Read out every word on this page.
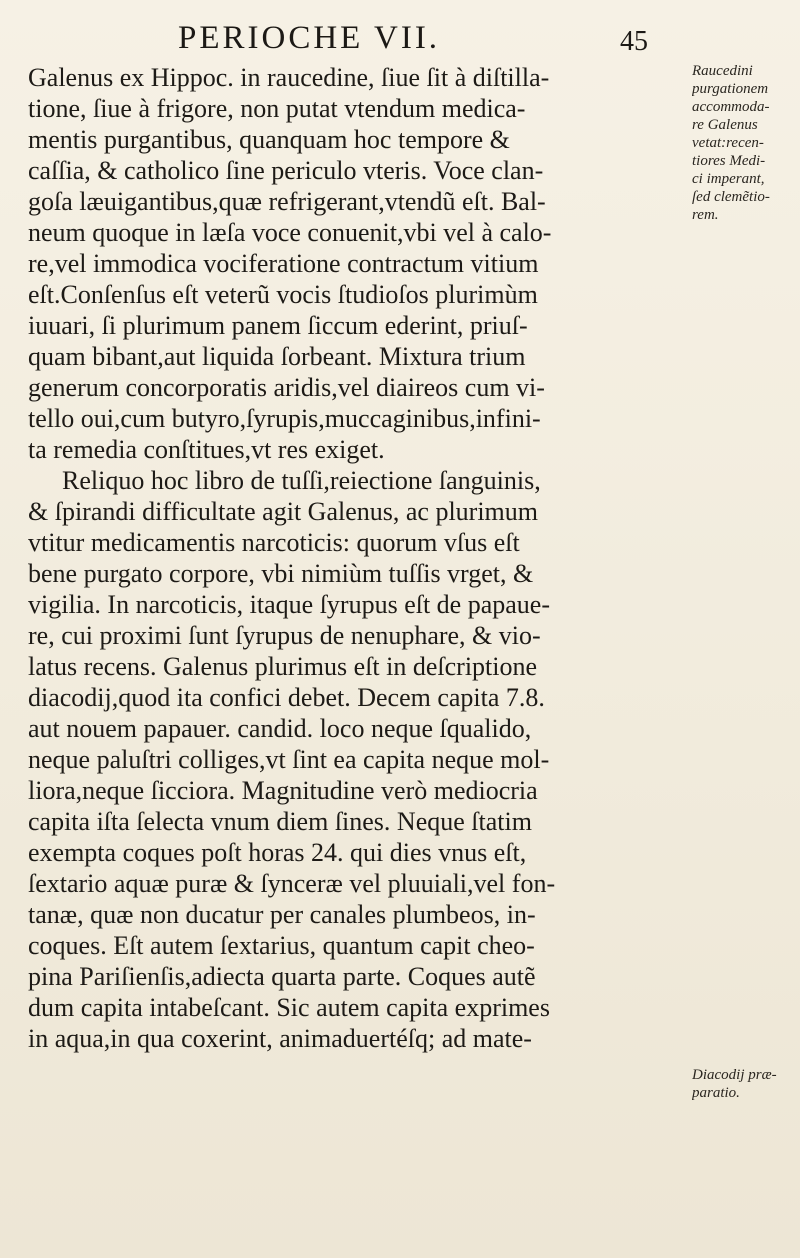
PERIOCHE VII.	45
Galenus ex Hippoc. in raucedine, ſiue ſit à diſtilla-
tione, ſiue à frigore, non putat vtendum medica-
mentis purgantibus, quanquam hoc tempore &
caſſia, & catholico ſine periculo vteris. Voce clan-
goſa læuigantibus,quæ refrigerant,vtendũ eſt. Bal-
neum quoque in læſa voce conuenit,vbi vel à calo-
re,vel immodica vociferatione contractum vitium
eſt.Conſenſus eſt veterũ vocis ſtudioſos plurimùm
iuuari, ſi plurimum panem ſiccum ederint, priuſ-
quam bibant,aut liquida ſorbeant. Mixtura trium
generum concorporatis aridis,vel diaireos cum vi-
tello oui,cum butyro,ſyrupis,muccaginibus,infini-
ta remedia conſtitues,vt res exiget.
Reliquo hoc libro de tuſſi,reiectione ſanguinis,
& ſpirandi difficultate agit Galenus, ac plurimum
vtitur medicamentis narcoticis: quorum vſus eſt
bene purgato corpore, vbi nimiùm tuſſis vrget, &
vigilia. In narcoticis, itaque ſyrupus eſt de papaue-
re, cui proximi ſunt ſyrupus de nenuphare, & vio-
latus recens. Galenus plurimus eſt in deſcriptione
diacodij,quod ita confici debet. Decem capita 7.8.
aut nouem papauer. candid. loco neque ſqualido,
neque paluſtri colliges,vt ſint ea capita neque mol-
liora,neque ſicciora. Magnitudine verò mediocria
capita iſta ſelecta vnum diem ſines. Neque ſtatim
exempta coques poſt horas 24. qui dies vnus eſt,
ſextario aquæ puræ & ſynceræ vel pluuiali,vel fon-
tanæ, quæ non ducatur per canales plumbeos, in-
coques. Eſt autem ſextarius, quantum capit cheo-
pina Pariſienſis,adiecta quarta parte. Coques autẽ
dum capita intabeſcant. Sic autem capita exprimes
in aqua,in qua coxerint, animaduertéſq; ad mate-
Raucedini
purgationem
accommoda-
re Galenus
vetat:recen-
tiores Medi-
ci imperant,
ſed clemẽtio-
rem.
Diacodij præ-
paratio.
